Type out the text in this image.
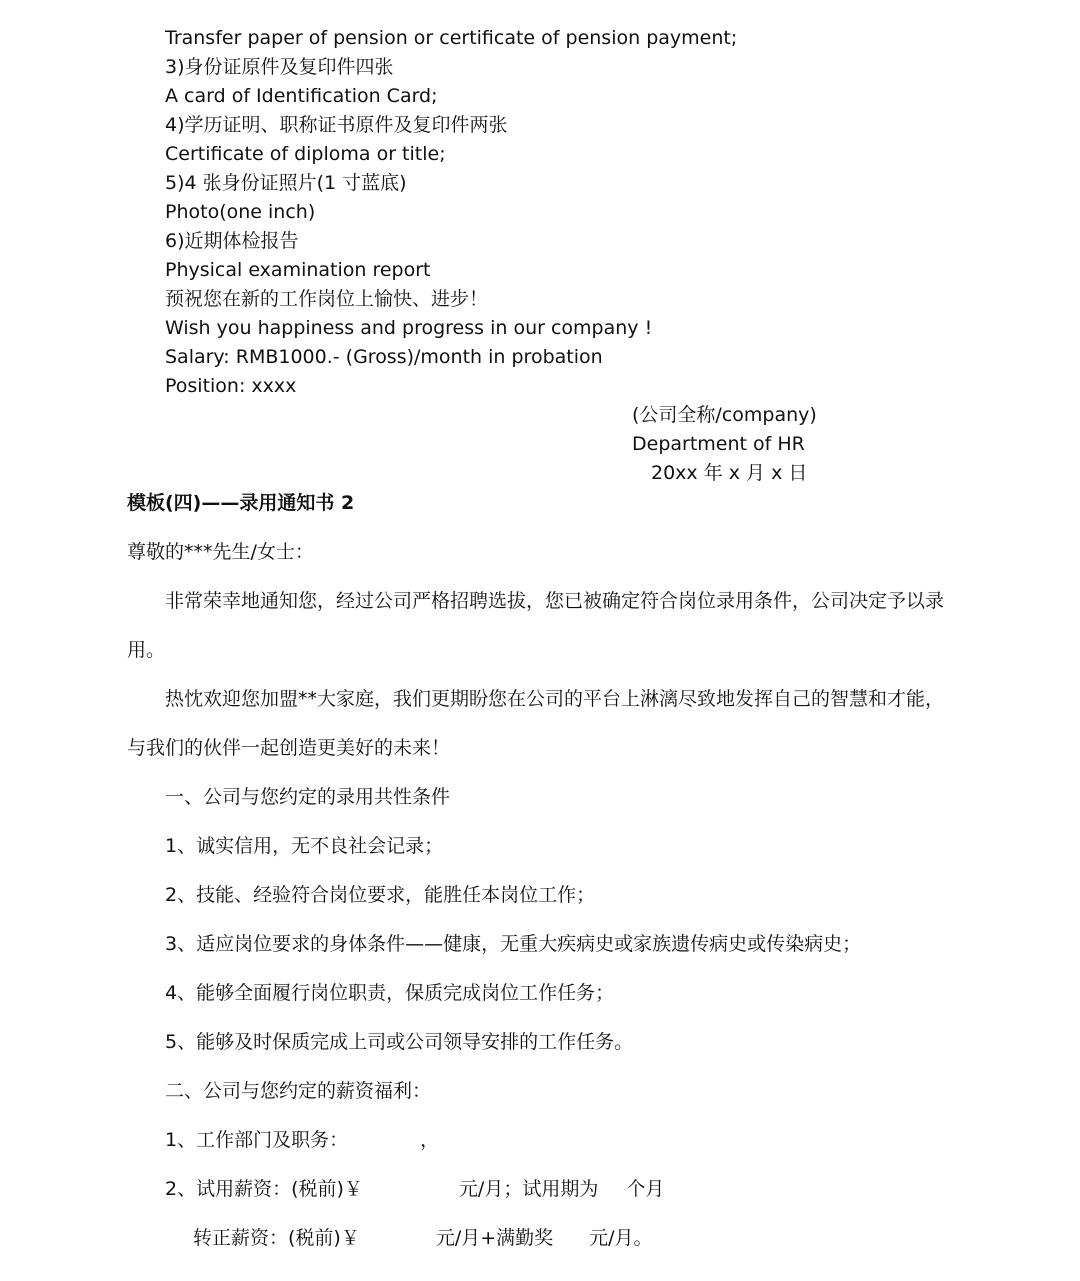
Transfer paper of pension or certificate of pension payment;
3)身份证原件及复印件四张
A card of Identification Card;
4)学历证明、职称证书原件及复印件两张
Certificate of diploma or title;
5)4 张身份证照片(1 寸蓝底)
Photo(one inch)
6)近期体检报告
Physical examination report
预祝您在新的工作岗位上愉快、进步！
Wish you happiness and progress in our company !
Salary: RMB1000.- (Gross)/month in probation
Position: xxxx
(公司全称/company)
Department of HR
20xx 年 x 月 x 日
模板(四)——录用通知书 2
尊敬的***先生/女士：
非常荣幸地通知您，经过公司严格招聘选拔，您已被确定符合岗位录用条件，公司决定予以录
用。
热忱欢迎您加盟**大家庭，我们更期盼您在公司的平台上淋漓尽致地发挥自己的智慧和才能，
与我们的伙伴一起创造更美好的未来！
一、公司与您约定的录用共性条件
1、诚实信用，无不良社会记录；
2、技能、经验符合岗位要求，能胜任本岗位工作；
3、适应岗位要求的身体条件——健康，无重大疾病史或家族遗传病史或传染病史；
4、能够全面履行岗位职责，保质完成岗位工作任务；
5、能够及时保质完成上司或公司领导安排的工作任务。
二、公司与您约定的薪资福利：
1、工作部门及职务：	，
2、试用薪资：(税前)￥	元/月；试用期为 个月
转正薪资：(税前)￥	元/月+满勤奖 元/月。
